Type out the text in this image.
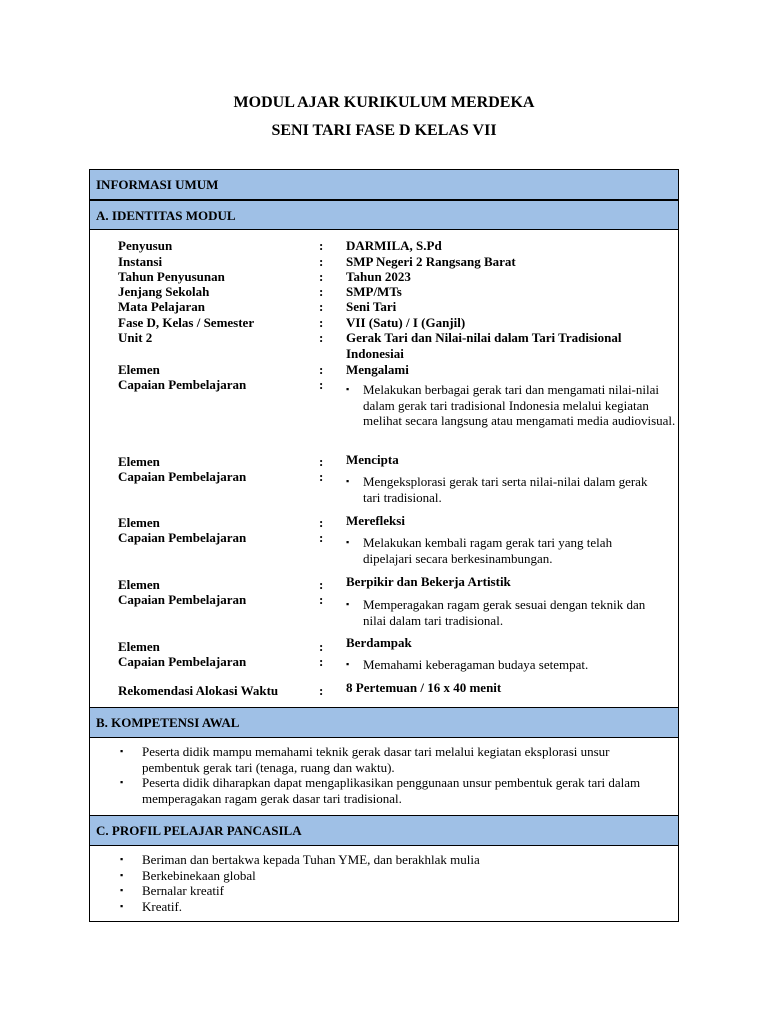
MODUL AJAR KURIKULUM MERDEKA
SENI TARI FASE D KELAS VII
INFORMASI UMUM
A. IDENTITAS MODUL
Penyusun	: DARMILA, S.Pd
Instansi	: SMP Negeri 2 Rangsang Barat
Tahun Penyusunan	: Tahun 2023
Jenjang Sekolah	: SMP/MTs
Mata Pelajaran	: Seni Tari
Fase D, Kelas / Semester	: VII (Satu) / I (Ganjil)
Unit 2	: Gerak Tari dan Nilai-nilai dalam Tari Tradisional Indonesiai
Elemen	: Mengalami
Capaian Pembelajaran	:	▪	Melakukan berbagai gerak tari dan mengamati nilai-nilai dalam gerak tari tradisional Indonesia melalui kegiatan melihat secara langsung atau mengamati media audiovisual.
Elemen	: Mencipta
Capaian Pembelajaran	:	▪	Mengeksplorasi gerak tari serta nilai-nilai dalam gerak tari tradisional.
Elemen	: Merefleksi
Capaian Pembelajaran	:	▪	Melakukan kembali ragam gerak tari yang telah dipelajari secara berkesinambungan.
Elemen	: Berpikir dan Bekerja Artistik
Capaian Pembelajaran	:	▪	Memperagakan ragam gerak sesuai dengan teknik dan nilai dalam tari tradisional.
Elemen	: Berdampak
Capaian Pembelajaran	:	▪	Memahami keberagaman budaya setempat.
Rekomendasi Alokasi Waktu	: 8 Pertemuan / 16 x 40 menit
B. KOMPETENSI AWAL
▪ Peserta didik mampu memahami teknik gerak dasar tari melalui kegiatan eksplorasi unsur pembentuk gerak tari (tenaga, ruang dan waktu).
▪ Peserta didik diharapkan dapat mengaplikasikan penggunaan unsur pembentuk gerak tari dalam memperagakan ragam gerak dasar tari tradisional.
C. PROFIL PELAJAR PANCASILA
▪ Beriman dan bertakwa kepada Tuhan YME, dan berakhlak mulia
▪ Berkebinekaan global
▪ Bernalar kreatif
▪ Kreatif.
